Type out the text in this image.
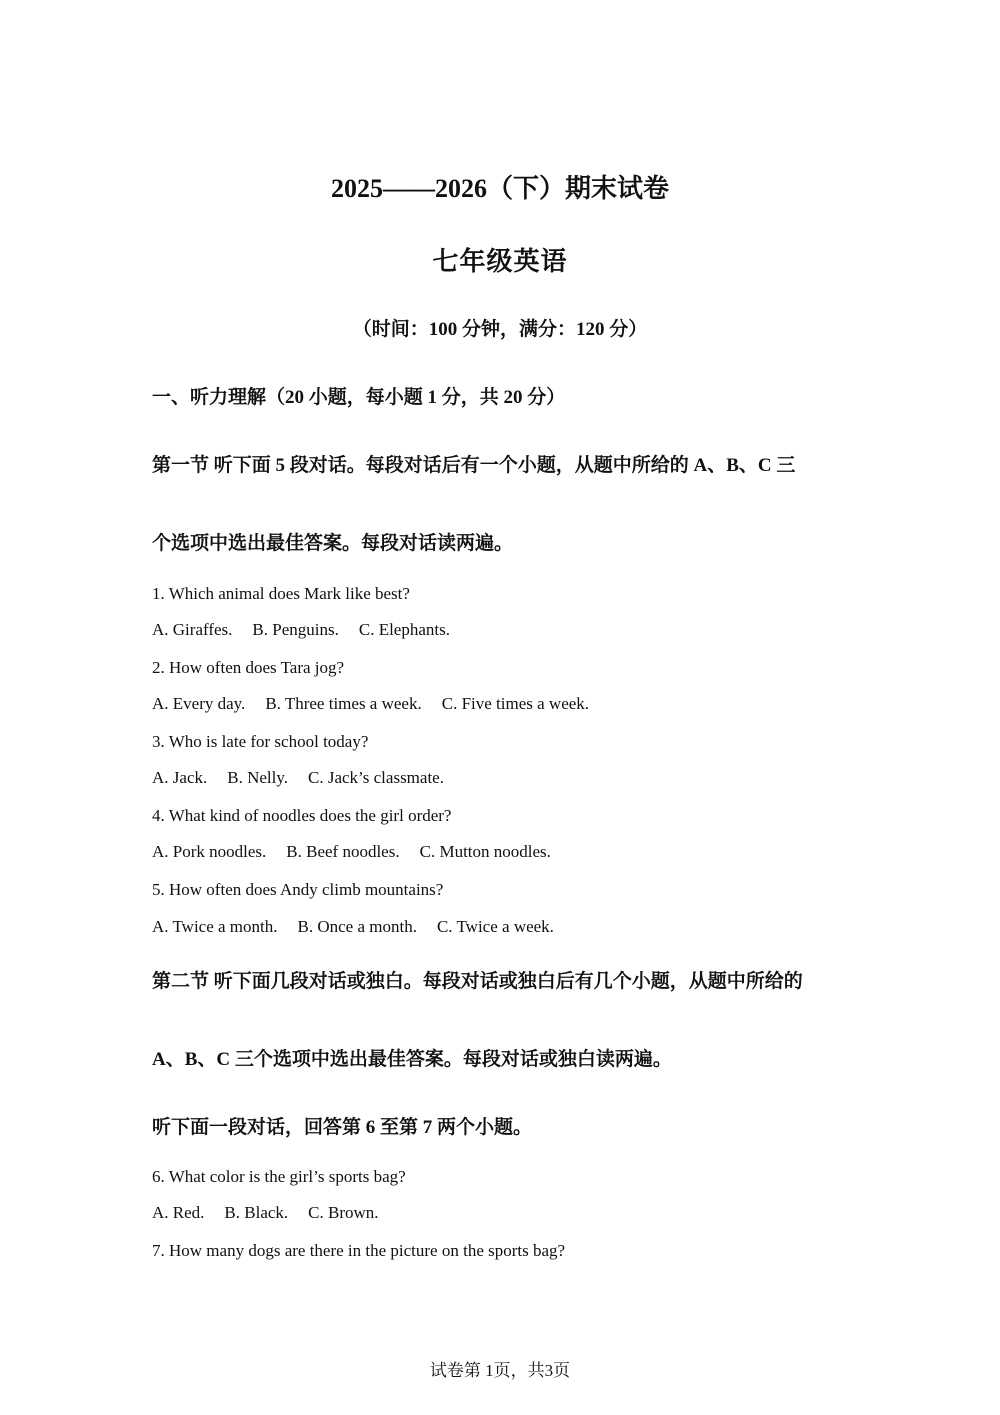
2025——2026（下）期末试卷
七年级英语
（时间：100 分钟，满分：120 分）
一、听力理解（20 小题，每小题 1 分，共 20 分）
第一节 听下面 5 段对话。每段对话后有一个小题，从题中所给的 A、B、C 三
个选项中选出最佳答案。每段对话读两遍。
1. Which animal does Mark like best?
A. Giraffes. B. Penguins. C. Elephants.
2. How often does Tara jog?
A. Every day. B. Three times a week. C. Five times a week.
3. Who is late for school today?
A. Jack. B. Nelly. C. Jack’s classmate.
4. What kind of noodles does the girl order?
A. Pork noodles. B. Beef noodles. C. Mutton noodles.
5. How often does Andy climb mountains?
A. Twice a month. B. Once a month. C. Twice a week.
第二节 听下面几段对话或独白。每段对话或独白后有几个小题，从题中所给的
A、B、C 三个选项中选出最佳答案。每段对话或独白读两遍。
听下面一段对话，回答第 6 至第 7 两个小题。
6. What color is the girl’s sports bag?
A. Red. B. Black. C. Brown.
7. How many dogs are there in the picture on the sports bag?
试卷第 1页，共3页
